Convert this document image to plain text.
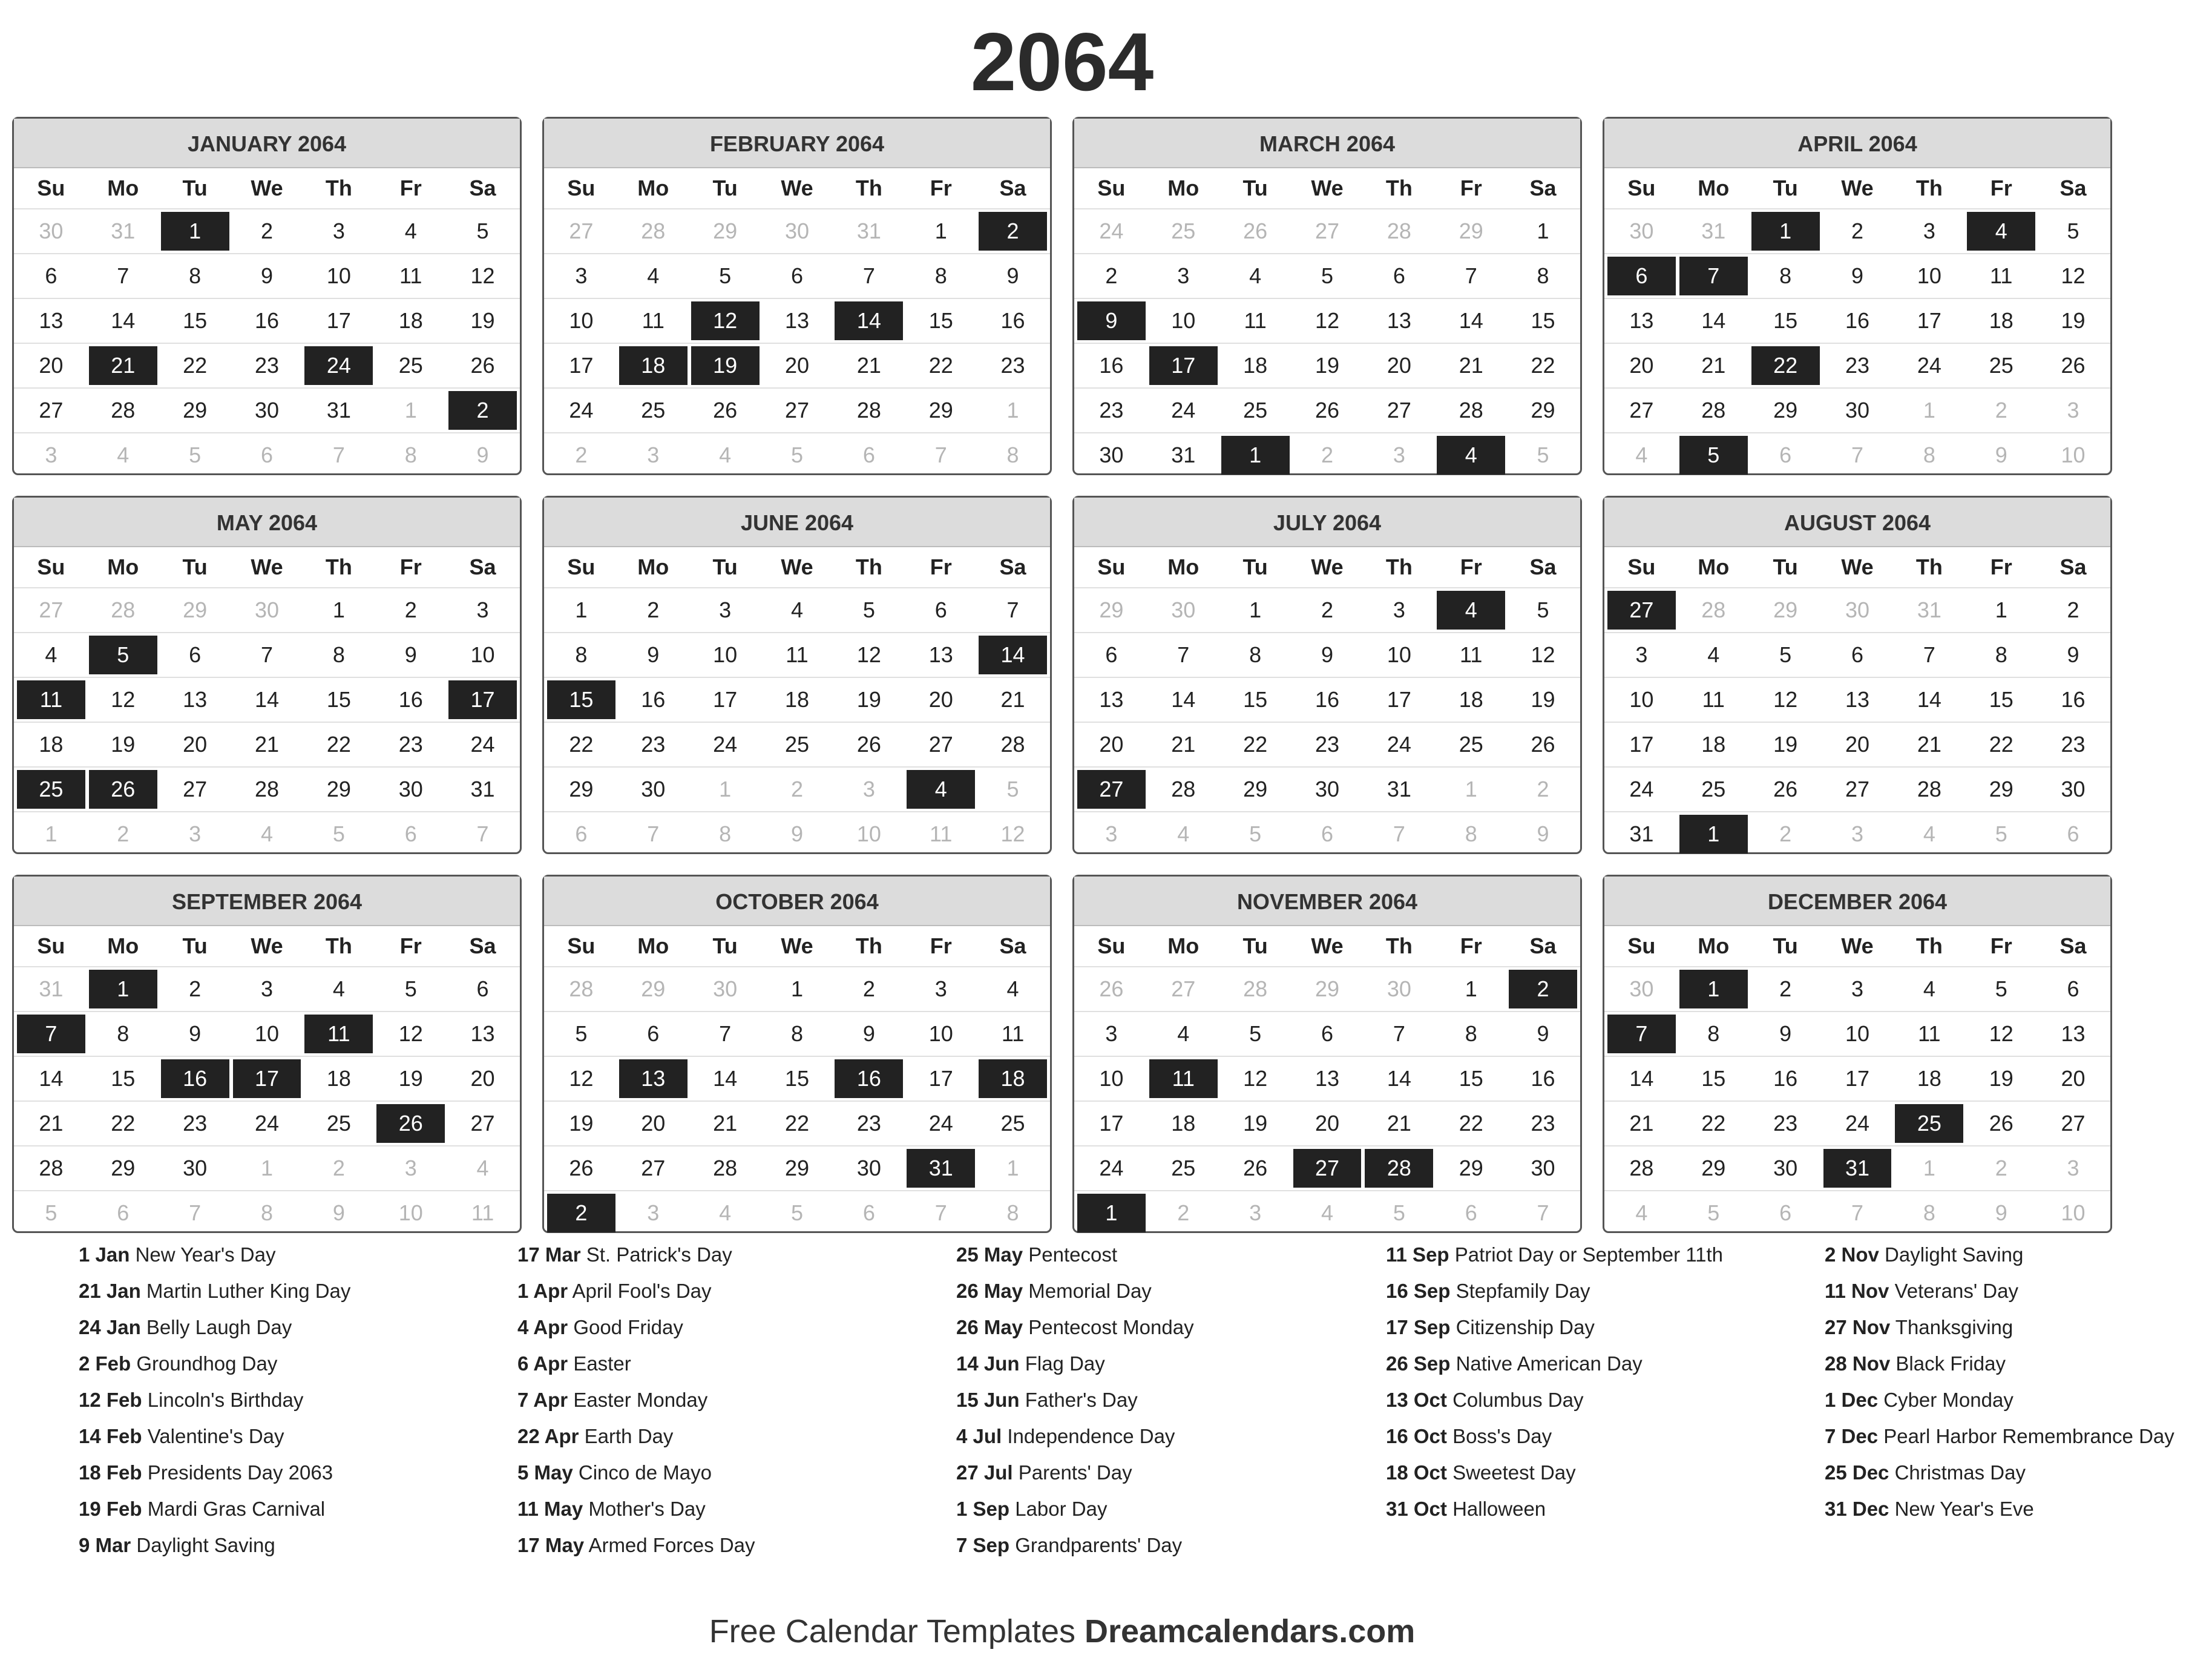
2064
JANUARY 2064
Su	Mo	Tu	We	Th	Fr	Sa
30	31	1	2	3	4	5
6	7	8	9	10	11	12
13	14	15	16	17	18	19
20	21	22	23	24	25	26
27	28	29	30	31	1	2
3	4	5	6	7	8	9
FEBRUARY 2064
Su	Mo	Tu	We	Th	Fr	Sa
27	28	29	30	31	1	2
3	4	5	6	7	8	9
10	11	12	13	14	15	16
17	18	19	20	21	22	23
24	25	26	27	28	29	1
2	3	4	5	6	7	8
MARCH 2064
Su	Mo	Tu	We	Th	Fr	Sa
24	25	26	27	28	29	1
2	3	4	5	6	7	8
9	10	11	12	13	14	15
16	17	18	19	20	21	22
23	24	25	26	27	28	29
30	31	1	2	3	4	5
APRIL 2064
Su	Mo	Tu	We	Th	Fr	Sa
30	31	1	2	3	4	5
6	7	8	9	10	11	12
13	14	15	16	17	18	19
20	21	22	23	24	25	26
27	28	29	30	1	2	3
4	5	6	7	8	9	10
MAY 2064
Su	Mo	Tu	We	Th	Fr	Sa
27	28	29	30	1	2	3
4	5	6	7	8	9	10
11	12	13	14	15	16	17
18	19	20	21	22	23	24
25	26	27	28	29	30	31
1	2	3	4	5	6	7
JUNE 2064
Su	Mo	Tu	We	Th	Fr	Sa
1	2	3	4	5	6	7
8	9	10	11	12	13	14
15	16	17	18	19	20	21
22	23	24	25	26	27	28
29	30	1	2	3	4	5
6	7	8	9	10	11	12
JULY 2064
Su	Mo	Tu	We	Th	Fr	Sa
29	30	1	2	3	4	5
6	7	8	9	10	11	12
13	14	15	16	17	18	19
20	21	22	23	24	25	26
27	28	29	30	31	1	2
3	4	5	6	7	8	9
AUGUST 2064
Su	Mo	Tu	We	Th	Fr	Sa
27	28	29	30	31	1	2
3	4	5	6	7	8	9
10	11	12	13	14	15	16
17	18	19	20	21	22	23
24	25	26	27	28	29	30
31	1	2	3	4	5	6
SEPTEMBER 2064
Su	Mo	Tu	We	Th	Fr	Sa
31	1	2	3	4	5	6
7	8	9	10	11	12	13
14	15	16	17	18	19	20
21	22	23	24	25	26	27
28	29	30	1	2	3	4
5	6	7	8	9	10	11
OCTOBER 2064
Su	Mo	Tu	We	Th	Fr	Sa
28	29	30	1	2	3	4
5	6	7	8	9	10	11
12	13	14	15	16	17	18
19	20	21	22	23	24	25
26	27	28	29	30	31	1
2	3	4	5	6	7	8
NOVEMBER 2064
Su	Mo	Tu	We	Th	Fr	Sa
26	27	28	29	30	1	2
3	4	5	6	7	8	9
10	11	12	13	14	15	16
17	18	19	20	21	22	23
24	25	26	27	28	29	30
1	2	3	4	5	6	7
DECEMBER 2064
Su	Mo	Tu	We	Th	Fr	Sa
30	1	2	3	4	5	6
7	8	9	10	11	12	13
14	15	16	17	18	19	20
21	22	23	24	25	26	27
28	29	30	31	1	2	3
4	5	6	7	8	9	10
1 Jan New Year's Day
21 Jan Martin Luther King Day
24 Jan Belly Laugh Day
2 Feb Groundhog Day
12 Feb Lincoln's Birthday
14 Feb Valentine's Day
18 Feb Presidents Day 2063
19 Feb Mardi Gras Carnival
9 Mar Daylight Saving
17 Mar St. Patrick's Day
1 Apr April Fool's Day
4 Apr Good Friday
6 Apr Easter
7 Apr Easter Monday
22 Apr Earth Day
5 May Cinco de Mayo
11 May Mother's Day
17 May Armed Forces Day
25 May Pentecost
26 May Memorial Day
26 May Pentecost Monday
14 Jun Flag Day
15 Jun Father's Day
4 Jul Independence Day
27 Jul Parents' Day
1 Sep Labor Day
7 Sep Grandparents' Day
11 Sep Patriot Day or September 11th
16 Sep Stepfamily Day
17 Sep Citizenship Day
26 Sep Native American Day
13 Oct Columbus Day
16 Oct Boss's Day
18 Oct Sweetest Day
31 Oct Halloween
2 Nov Daylight Saving
11 Nov Veterans' Day
27 Nov Thanksgiving
28 Nov Black Friday
1 Dec Cyber Monday
7 Dec Pearl Harbor Remembrance Day
25 Dec Christmas Day
31 Dec New Year's Eve
Free Calendar Templates Dreamcalendars.com
